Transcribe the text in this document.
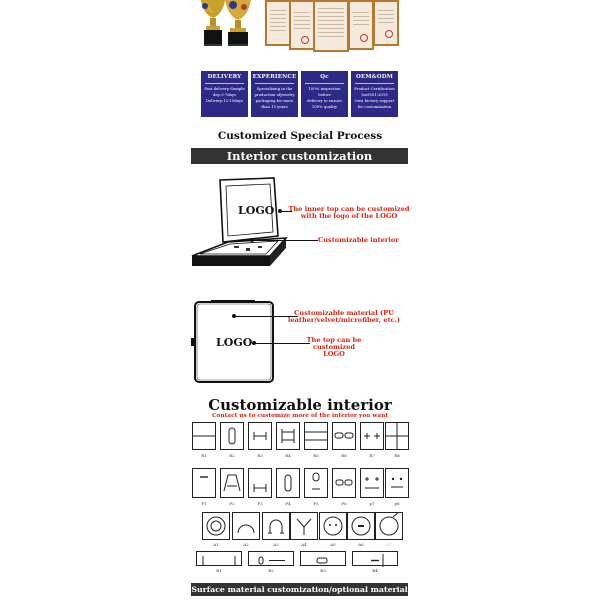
DELIVERY
Fast delivery:Sample
day:3-7days
Delivery:12-15days
EXPERIENCE
Specializing in the
production ofjewelry
packaging for more
than 15 years
Qc
100% inspection before
delivery to ensure
100% quality
OEM&ODM
Product Certification
Iso9001:2019
Own factory support
for customization
Customized Special Process
Interior customization
LOGO The inner top can be customized with the logo of the LOGO
Customizable interior
Customizable material (PU leather/velvet/microfiber, etc.)
LOGO	The top can be customized LOGO
Customizable interior
Contact us to customize more of the interior you want
R1	R2	R3	R4	R5	R6	R7	R8
P1	P2	P3	P4	P5	P6	p7	p8
A1	A2	A3	A4	A5	A6	A7
B1	B2	B3	B4
Surface material customization/optional material
